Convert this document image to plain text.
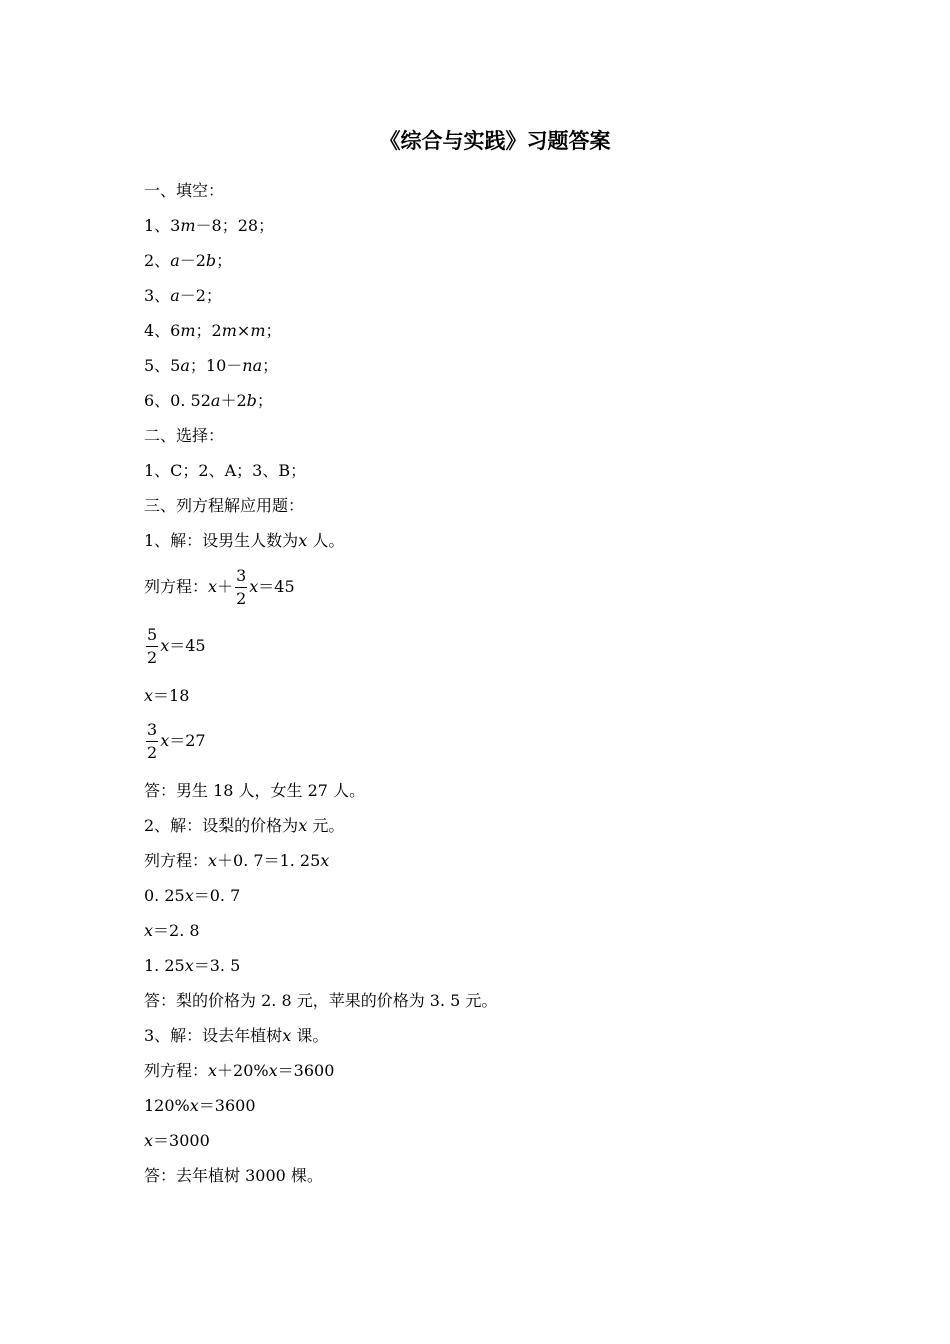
《综合与实践》习题答案
一、填空：
1、3m－8；28；
2、a－2b；
3、a－2；
4、6m；2m×m；
5、5a；10－na；
6、0. 52a＋2b；
二、选择：
1、C；2、A；3、B；
三、列方程解应用题：
1、解：设男生人数为x 人。
列方程：$x+ \frac{3}{2} x=45$
$\frac{5}{2} x=45$
x＝18
$\frac{3}{2} x=27$
答：男生 18 人，女生 27 人。
2、解：设梨的价格为x 元。
列方程：x＋0. 7＝1. 25x
0. 25x＝0. 7
x＝2. 8
1. 25x＝3. 5
答：梨的价格为 2. 8 元，苹果的价格为 3. 5 元。
3、解：设去年植树x 课。
列方程：x＋20%x＝3600
120%x＝3600
x＝3000
答：去年植树 3000 棵。
